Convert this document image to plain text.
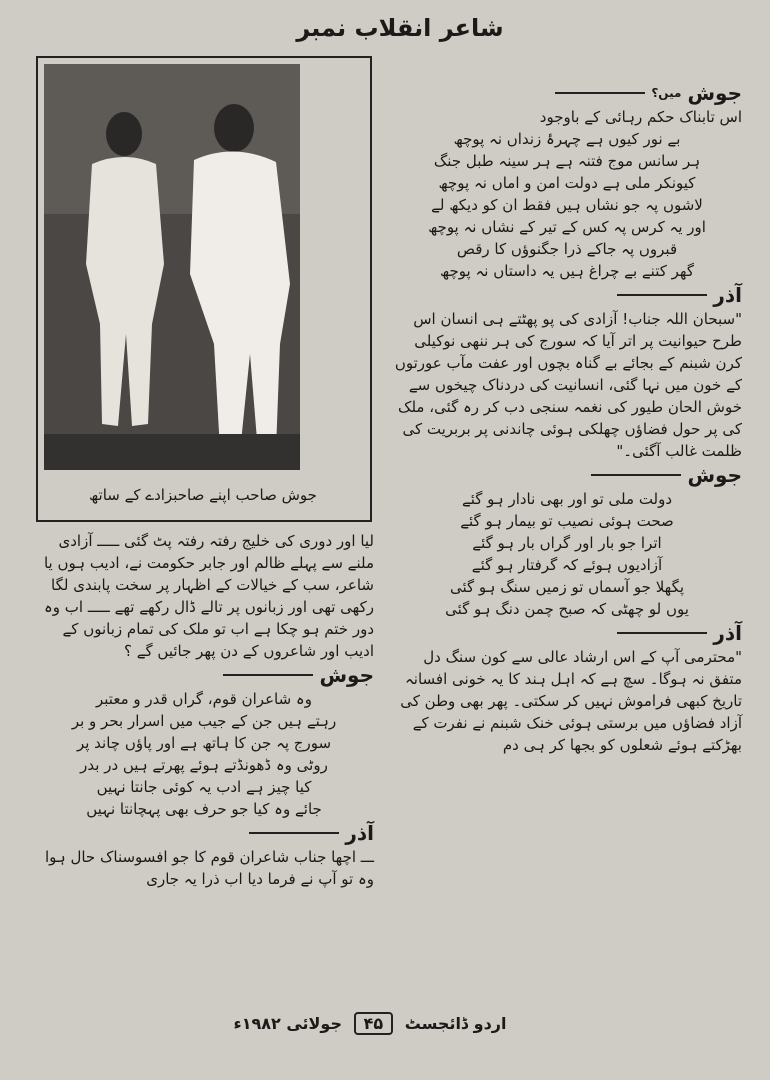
شاعر انقلاب نمبر
جوش صاحب اپنے صاحبزادے کے ساتھ
جوش
میں؟

اس تابناک حکم رہائی کے باوجود

بے نور کیوں ہے چہرۂ زنداں نہ پوچھ

ہر سانس موج فتنہ ہے ہر سینہ طبل جنگ

کیونکر ملی ہے دولت امن و اماں نہ پوچھ

لاشوں پہ جو نشاں ہیں فقط ان کو دیکھ لے

اور یہ کرس پہ کس کے تیر کے نشاں نہ پوچھ

قبروں پہ جاکے ذرا جگنوؤں کا رقص

گھر کتنے بے چراغ ہیں یہ داستاں نہ پوچھ

آذر

"سبحان اللہ جناب! آزادی کی پو پھٹتے ہی انسان اس طرح حیوانیت پر اتر آیا کہ سورج کی ہر ننھی نوکیلی کرن شبنم کے بجائے بے گناہ بچوں اور عفت مآب عورتوں کے خون میں نہا گئی، انسانیت کی دردناک چیخوں سے خوش الحان طیور کی نغمہ سنجی دب کر رہ گئی، ملک کی پر حول فضاؤں چھلکی ہوئی چاندنی پر بربریت کی ظلمت غالب آگئی۔"

جوش

دولت ملی تو اور بھی نادار ہو گئے

صحت ہوئی نصیب تو بیمار ہو گئے

اترا جو بار اور گراں بار ہو گئے

آزادیوں ہوئے کہ گرفتار ہو گئے

پگھلا جو آسماں تو زمیں سنگ ہو گئی

یوں لو چھٹی کہ صبح چمن دنگ ہو گئی

آذر

"محترمی آپ کے اس ارشاد عالی سے کون سنگ دل متفق نہ ہوگا۔ سچ ہے کہ اہل ہند کا یہ خونی افسانہ تاریخ کبھی فراموش نہیں کر سکتی۔ پھر بھی وطن کی آزاد فضاؤں میں برستی ہوئی خنک شبنم نے نفرت کے بھڑکتے ہوئے شعلوں کو بجھا کر ہی دم

لیا اور دوری کی خلیج رفتہ رفتہ پٹ گئی ـــــ آزادی ملنے سے پہلے ظالم اور جابر حکومت نے، ادیب ہوں یا شاعر، سب کے خیالات کے اظہار پر سخت پابندی لگا رکھی تھی اور زبانوں پر تالے ڈال رکھے تھے ـــــ اب وہ دور ختم ہو چکا ہے اب تو ملک کی تمام زبانوں کے ادیب اور شاعروں کے دن پھر جائیں گے ؟

جوش

وہ شاعران قوم، گراں قدر و معتبر

رہتے ہیں جن کے جیب میں اسرار بحر و بر

سورج پہ جن کا ہاتھ ہے اور پاؤں چاند پر

روٹی وہ ڈھونڈتے ہوئے پھرتے ہیں در بدر

کیا چیز ہے ادب یہ کوئی جانتا نہیں

جائے وہ کیا جو حرف بھی پہچانتا نہیں

آذر

ـــ اچھا جناب شاعران قوم کا جو افسوسناک حال ہوا وہ تو آپ نے فرما دیا اب ذرا یہ جاری

اردو ڈائجسٹ ۴۵ جولائی ۱۹۸۲ء
